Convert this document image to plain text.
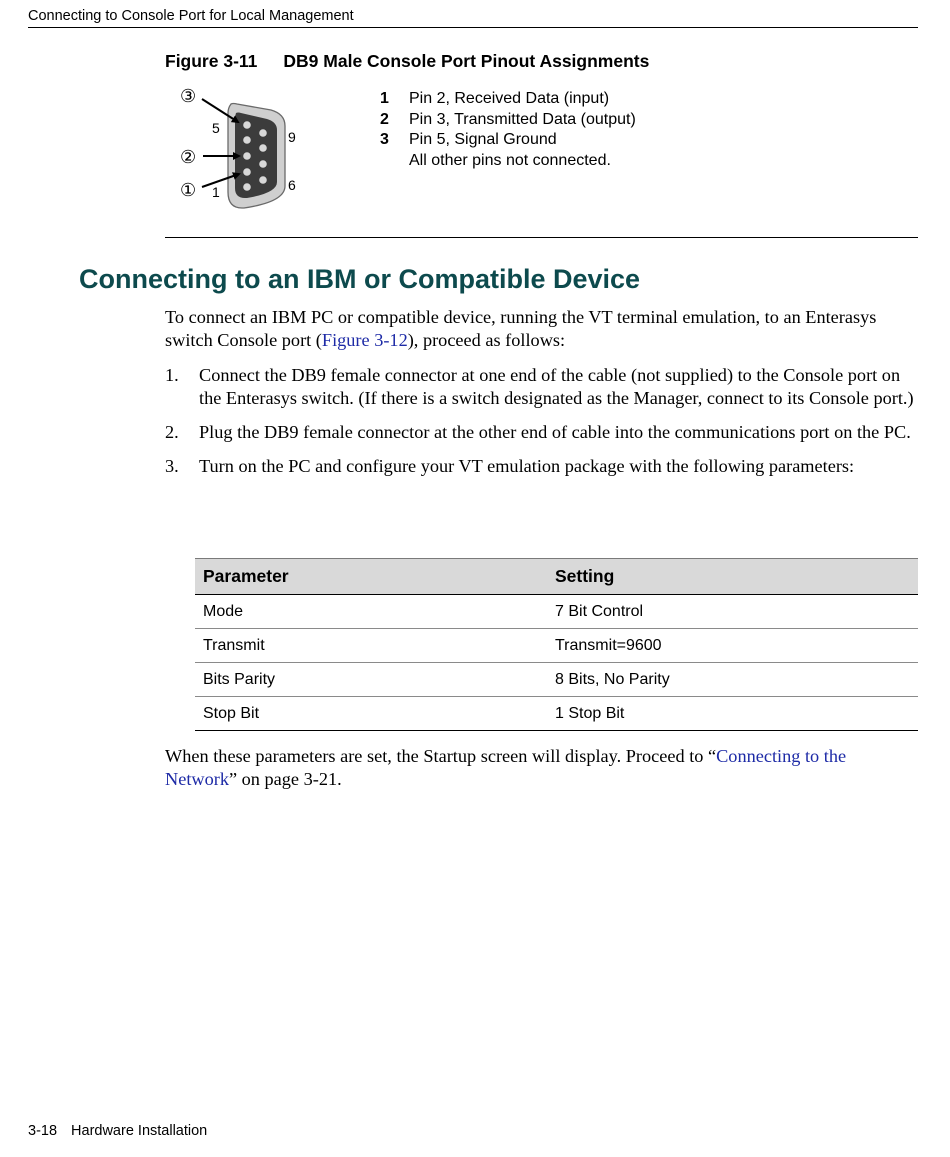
Connecting to Console Port for Local Management
Figure 3-11 DB9 Male Console Port Pinout Assignments
③
②
①
5
9
1	6
1 Pin 2, Received Data (input)
2 Pin 3, Transmitted Data (output)
3 Pin 5, Signal Ground
All other pins not connected.
Connecting to an IBM or Compatible Device

To connect an IBM PC or compatible device, running the VT terminal emulation, to an Enterasys switch Console port (Figure 3-12), proceed as follows:

1. Connect the DB9 female connector at one end of the cable (not supplied) to the Console port on the Enterasys switch. (If there is a switch designated as the Manager, connect to its Console port.)
2. Plug the DB9 female connector at the other end of cable into the communications port on the PC.
3. Turn on the PC and configure your VT emulation package with the following parameters:
Parameter	Setting
Mode	7 Bit Control
Transmit	Transmit=9600
Bits Parity	8 Bits, No Parity
Stop Bit	1 Stop Bit

When these parameters are set, the Startup screen will display. Proceed to “Connecting to the Network” on page 3-21.

3-18 Hardware Installation
